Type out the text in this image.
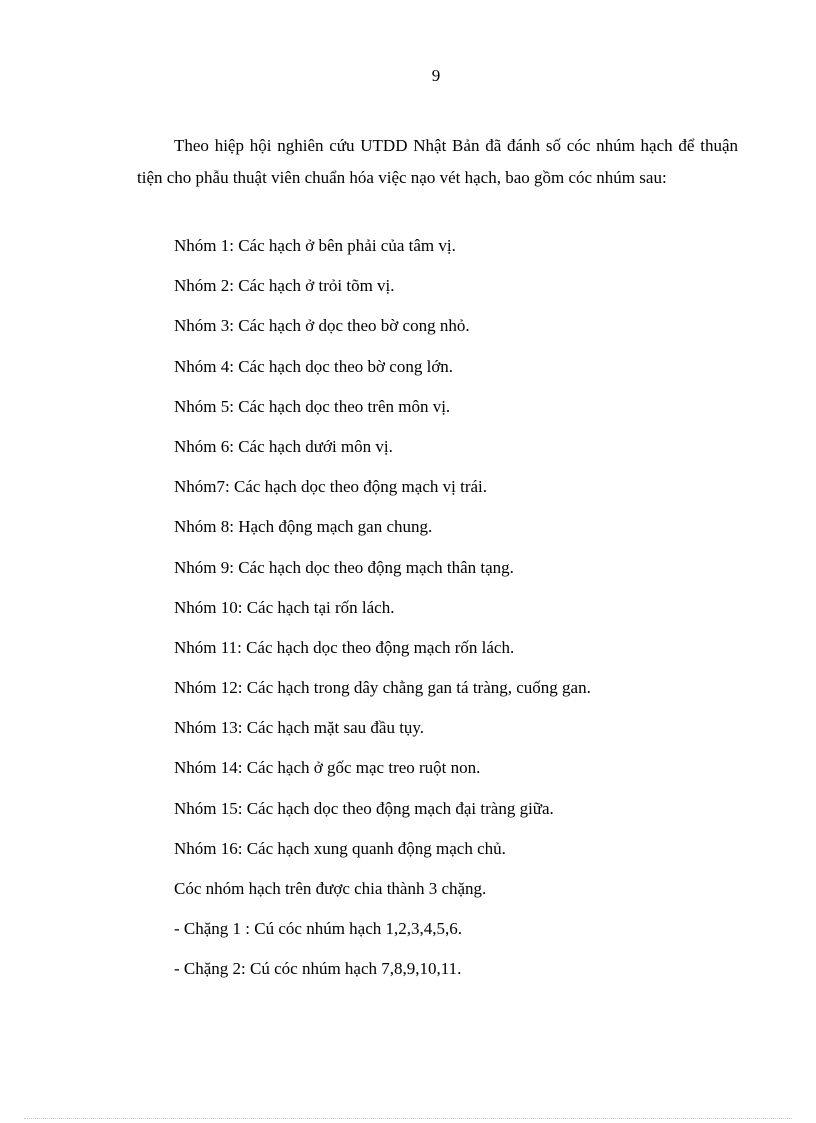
9

Theo hiệp hội nghiên cứu UTDD Nhật Bản đã đánh số cóc nhúm hạch để thuận tiện cho phẫu thuật viên chuẩn hóa việc nạo vét hạch, bao gồm cóc nhúm sau:

Nhóm 1: Các hạch ở bên phải của tâm vị.
Nhóm 2: Các hạch ở trỏi tõm vị.
Nhóm 3: Các hạch ở dọc theo bờ cong nhỏ.
Nhóm 4: Các hạch dọc theo bờ cong lớn.
Nhóm 5: Các hạch dọc theo trên môn vị.
Nhóm 6: Các hạch dưới môn vị.
Nhóm7: Các hạch dọc theo động mạch vị trái.
Nhóm 8: Hạch động mạch gan chung.
Nhóm 9: Các hạch dọc theo động mạch thân tạng.
Nhóm 10: Các hạch tại rốn lách.
Nhóm 11: Các hạch dọc theo động mạch rốn lách.
Nhóm 12: Các hạch trong dây chằng gan tá tràng, cuống gan.
Nhóm 13: Các hạch mặt sau đầu tụy.
Nhóm 14: Các hạch ở gốc mạc treo ruột non.
Nhóm 15: Các hạch dọc theo động mạch đại tràng giữa.
Nhóm 16: Các hạch xung quanh động mạch chủ.
Cóc nhóm hạch trên được chia thành 3 chặng.
- Chặng 1 : Cú cóc nhúm hạch 1,2,3,4,5,6.
- Chặng 2: Cú cóc nhúm hạch 7,8,9,10,11.
